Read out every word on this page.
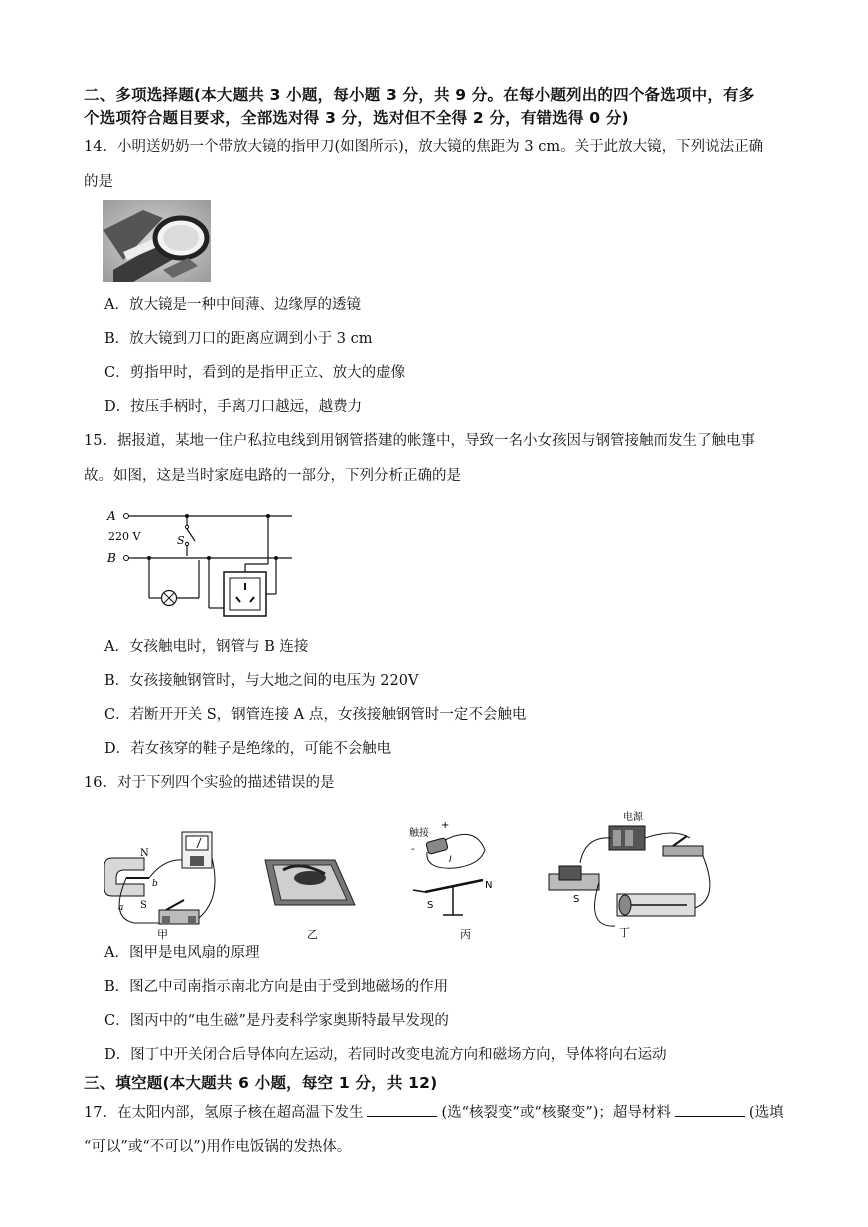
二、多项选择题(本大题共 3 小题，每小题 3 分，共 9 分。在每小题列出的四个备选项中，有多
个选项符合题目要求，全部选对得 3 分，选对但不全得 2 分，有错选得 0 分)
14．小明送奶奶一个带放大镜的指甲刀(如图所示)，放大镜的焦距为 3 cm。关于此放大镜，下列说法正确
的是
A．放大镜是一种中间薄、边缘厚的透镜
B．放大镜到刀口的距离应调到小于 3 cm
C．剪指甲时，看到的是指甲正立、放大的虚像
D．按压手柄时，手离刀口越远，越费力
15．据报道，某地一住户私拉电线到用钢管搭建的帐篷中，导致一名小女孩因与钢管接触而发生了触电事
故。如图，这是当时家庭电路的一部分，下列分析正确的是
A
220 V
B
S
A．女孩触电时，钢管与 B 连接
B．女孩接触钢管时，与大地之间的电压为 220V
C．若断开开关 S，钢管连接 A 点，女孩接触钢管时一定不会触电
D．若女孩穿的鞋子是绝缘的，可能不会触电
16．对于下列四个实验的描述错误的是
N
S
a
b
甲	乙
触接
+
-
I
N
S
丙
电源
S
丁
A．图甲是电风扇的原理
B．图乙中司南指示南北方向是由于受到地磁场的作用
C．图丙中的“电生磁”是丹麦科学家奥斯特最早发现的
D．图丁中开关闭合后导体向左运动，若同时改变电流方向和磁场方向，导体将向右运动
三、填空题(本大题共 6 小题，每空 1 分，共 12)
17．在太阳内部，氢原子核在超高温下发生	(选“核裂变”或“核聚变”)；超导材料	(选填
“可以”或“不可以”)用作电饭锅的发热体。
